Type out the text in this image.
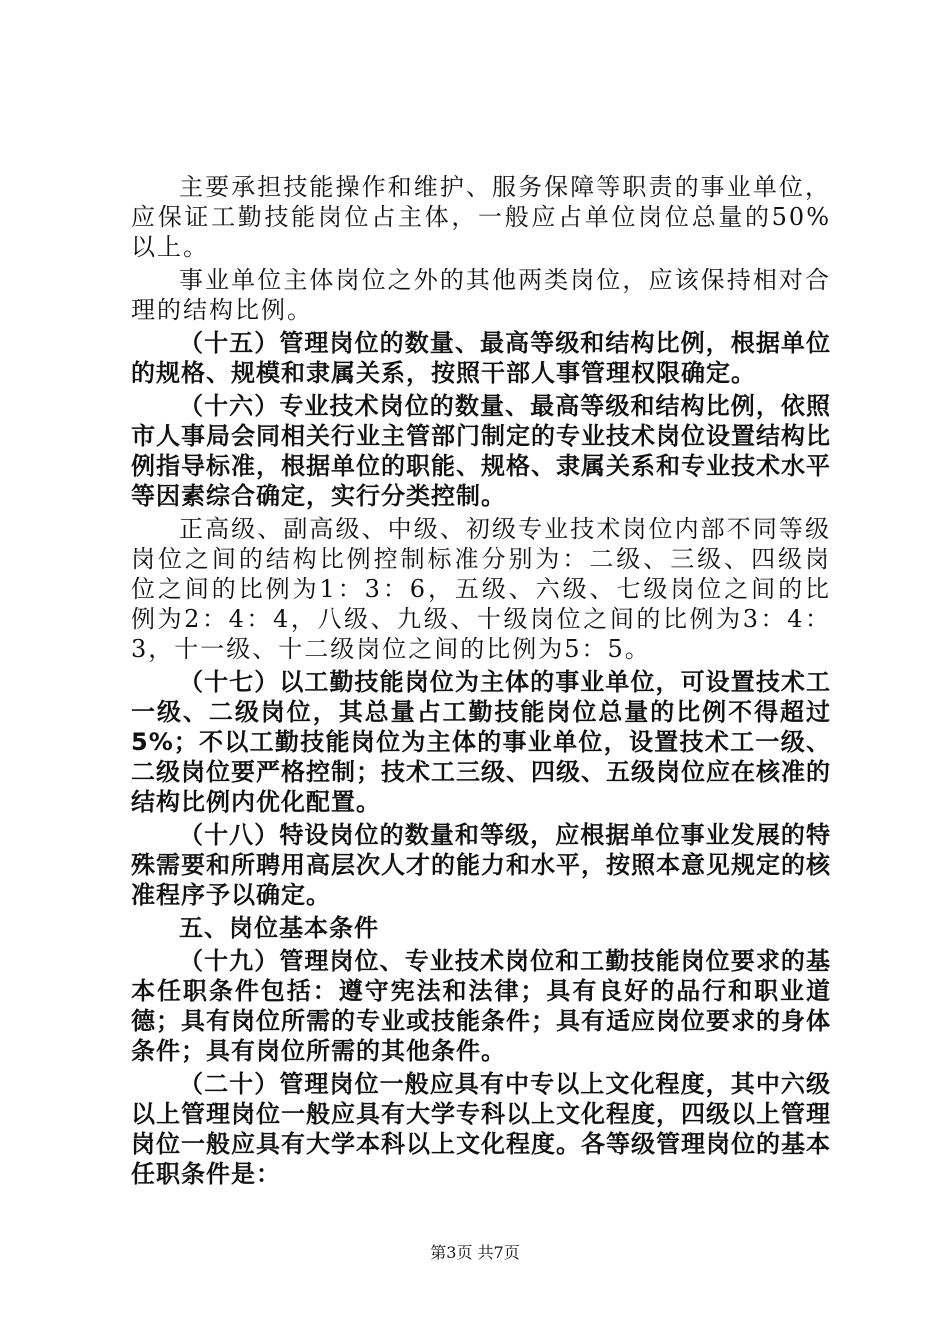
主要承担技能操作和维护、服务保障等职责的事业单位，应保证工勤技能岗位占主体，一般应占单位岗位总量的50%以上。

事业单位主体岗位之外的其他两类岗位，应该保持相对合理的结构比例。

（十五）管理岗位的数量、最高等级和结构比例，根据单位的规格、规模和隶属关系，按照干部人事管理权限确定。

（十六）专业技术岗位的数量、最高等级和结构比例，依照市人事局会同相关行业主管部门制定的专业技术岗位设置结构比例指导标准，根据单位的职能、规格、隶属关系和专业技术水平等因素综合确定，实行分类控制。

正高级、副高级、中级、初级专业技术岗位内部不同等级岗位之间的结构比例控制标准分别为：二级、三级、四级岗位之间的比例为1：3：6，五级、六级、七级岗位之间的比例为2：4：4，八级、九级、十级岗位之间的比例为3：4：3，十一级、十二级岗位之间的比例为5：5。

（十七）以工勤技能岗位为主体的事业单位，可设置技术工一级、二级岗位，其总量占工勤技能岗位总量的比例不得超过5%；不以工勤技能岗位为主体的事业单位，设置技术工一级、二级岗位要严格控制；技术工三级、四级、五级岗位应在核准的结构比例内优化配置。

（十八）特设岗位的数量和等级，应根据单位事业发展的特殊需要和所聘用高层次人才的能力和水平，按照本意见规定的核准程序予以确定。

五、岗位基本条件

（十九）管理岗位、专业技术岗位和工勤技能岗位要求的基本任职条件包括：遵守宪法和法律；具有良好的品行和职业道德；具有岗位所需的专业或技能条件；具有适应岗位要求的身体条件；具有岗位所需的其他条件。

（二十）管理岗位一般应具有中专以上文化程度，其中六级以上管理岗位一般应具有大学专科以上文化程度，四级以上管理岗位一般应具有大学本科以上文化程度。各等级管理岗位的基本任职条件是：

第3页 共7页
